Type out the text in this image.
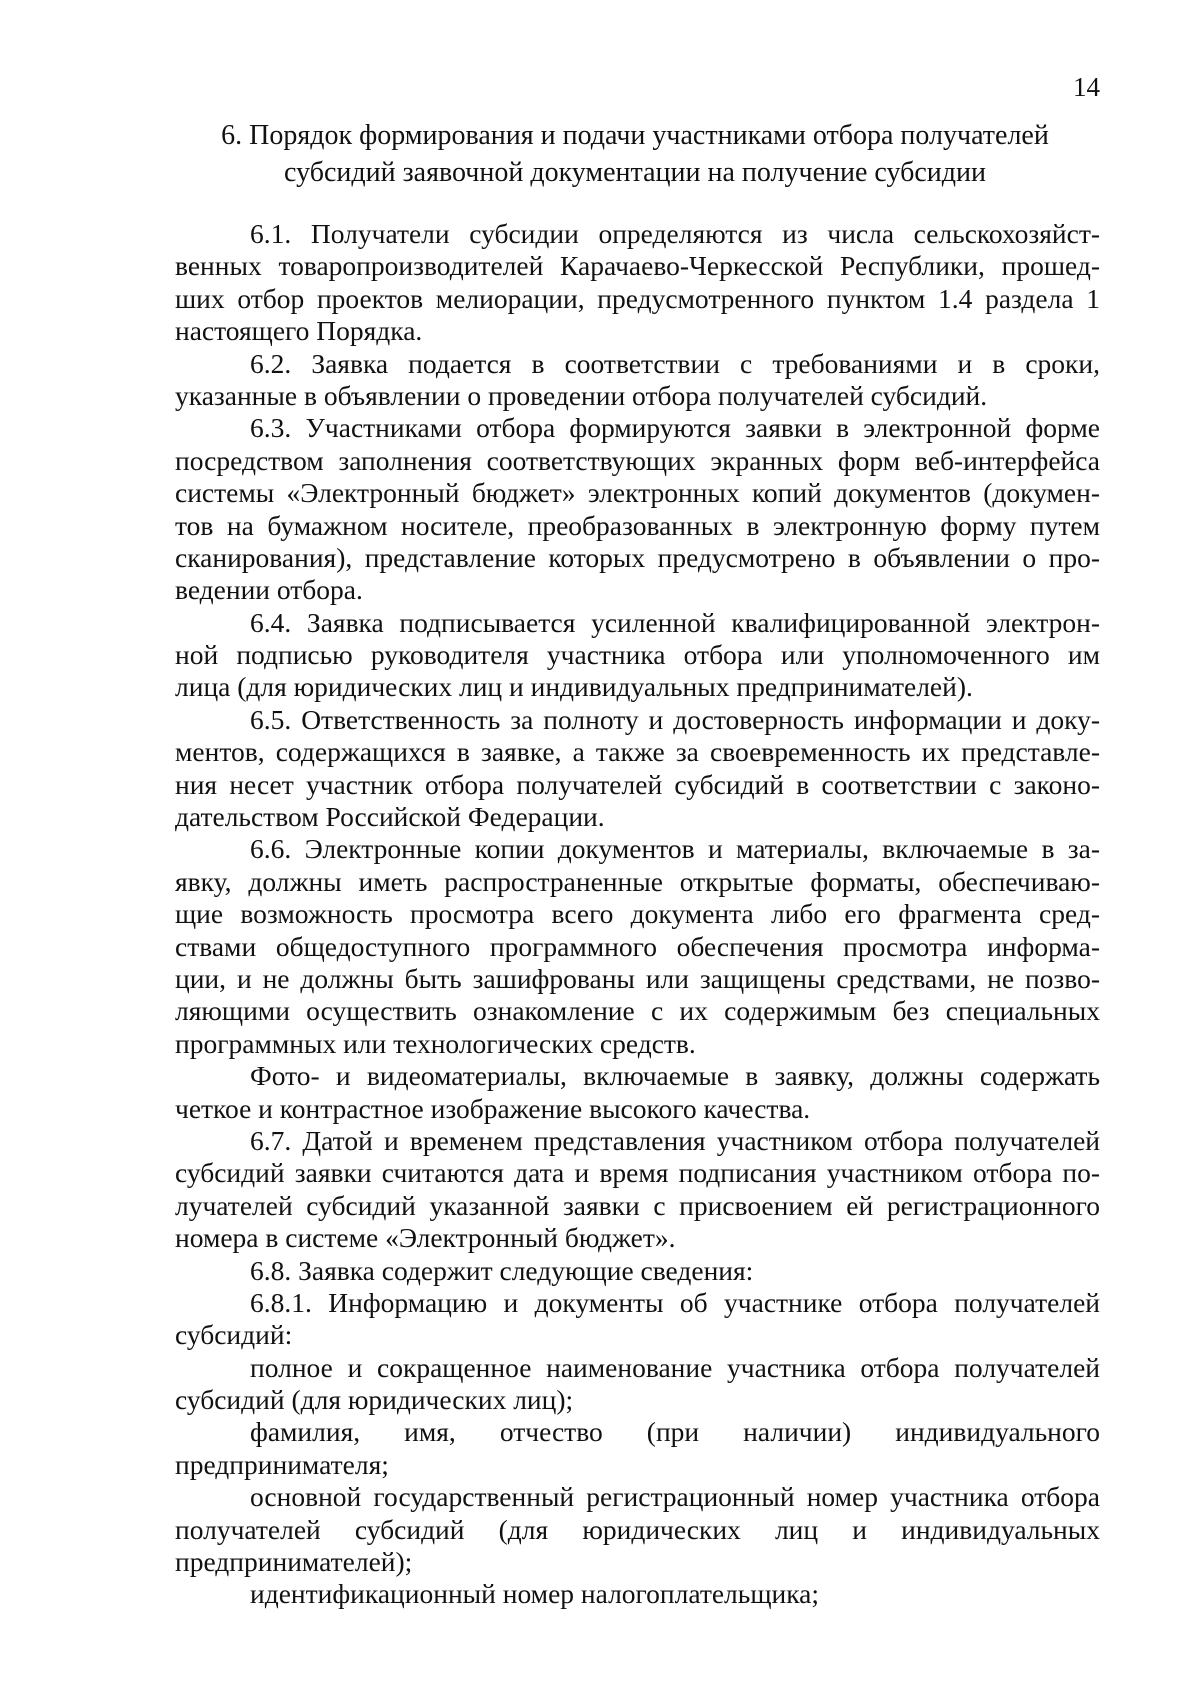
14
6. Порядок формирования и подачи участниками отбора получателей
субсидий заявочной документации на получение субсидии
6.1. Получатели субсидии определяются из числа сельскохозяйст-
венных товаропроизводителей Карачаево-Черкесской Республики, прошед-
ших отбор проектов мелиорации, предусмотренного пунктом 1.4 раздела 1
настоящего Порядка.
6.2. Заявка подается в соответствии с требованиями и в сроки,
указанные в объявлении о проведении отбора получателей субсидий.
6.3. Участниками отбора формируются заявки в электронной форме
посредством заполнения соответствующих экранных форм веб-интерфейса
системы «Электронный бюджет» электронных копий документов (докумен-
тов на бумажном носителе, преобразованных в электронную форму путем
сканирования), представление которых предусмотрено в объявлении о про-
ведении отбора.
6.4. Заявка подписывается усиленной квалифицированной электрон-
ной подписью руководителя участника отбора или уполномоченного им
лица (для юридических лиц и индивидуальных предпринимателей).
6.5. Ответственность за полноту и достоверность информации и доку-
ментов, содержащихся в заявке, а также за своевременность их представле-
ния несет участник отбора получателей субсидий в соответствии с законо-
дательством Российской Федерации.
6.6. Электронные копии документов и материалы, включаемые в за-
явку, должны иметь распространенные открытые форматы, обеспечиваю-
щие возможность просмотра всего документа либо его фрагмента сред-
ствами общедоступного программного обеспечения просмотра информа-
ции, и не должны быть зашифрованы или защищены средствами, не позво-
ляющими осуществить ознакомление с их содержимым без специальных
программных или технологических средств.
Фото- и видеоматериалы, включаемые в заявку, должны содержать
четкое и контрастное изображение высокого качества.
6.7. Датой и временем представления участником отбора получателей
субсидий заявки считаются дата и время подписания участником отбора по-
лучателей субсидий указанной заявки с присвоением ей регистрационного
номера в системе «Электронный бюджет».
6.8. Заявка содержит следующие сведения:
6.8.1. Информацию и документы об участнике отбора получателей
субсидий:
полное и сокращенное наименование участника отбора получателей
субсидий (для юридических лиц);
фамилия, имя, отчество (при наличии) индивидуального
предпринимателя;
основной государственный регистрационный номер участника отбора
получателей субсидий (для юридических лиц и индивидуальных
предпринимателей);
идентификационный номер налогоплательщика;
